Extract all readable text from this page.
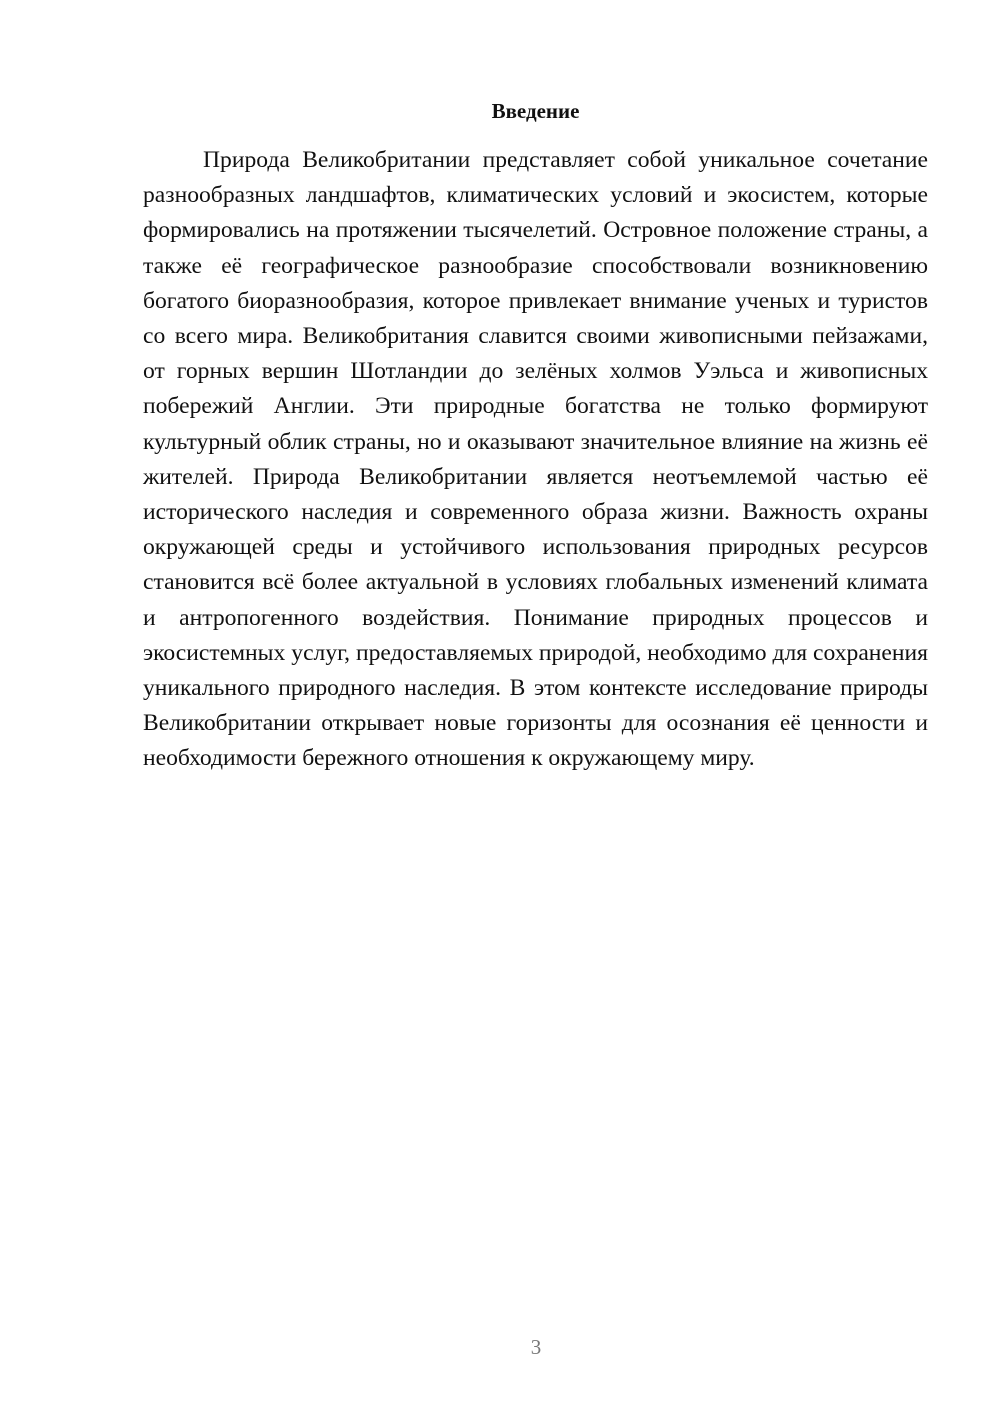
Введение

Природа Великобритании представляет собой уникальное сочетание разнообразных ландшафтов, климатических условий и экосистем, которые формировались на протяжении тысячелетий. Островное положение страны, а также её географическое разнообразие способствовали возникновению богатого биоразнообразия, которое привлекает внимание ученых и туристов со всего мира. Великобритания славится своими живописными пейзажами, от горных вершин Шотландии до зелёных холмов Уэльса и живописных побережий Англии. Эти природные богатства не только формируют культурный облик страны, но и оказывают значительное влияние на жизнь её жителей. Природа Великобритании является неотъемлемой частью её исторического наследия и современного образа жизни. Важность охраны окружающей среды и устойчивого использования природных ресурсов становится всё более актуальной в условиях глобальных изменений климата и антропогенного воздействия. Понимание природных процессов и экосистемных услуг, предоставляемых природой, необходимо для сохранения уникального природного наследия. В этом контексте исследование природы Великобритании открывает новые горизонты для осознания её ценности и необходимости бережного отношения к окружающему миру.

3
